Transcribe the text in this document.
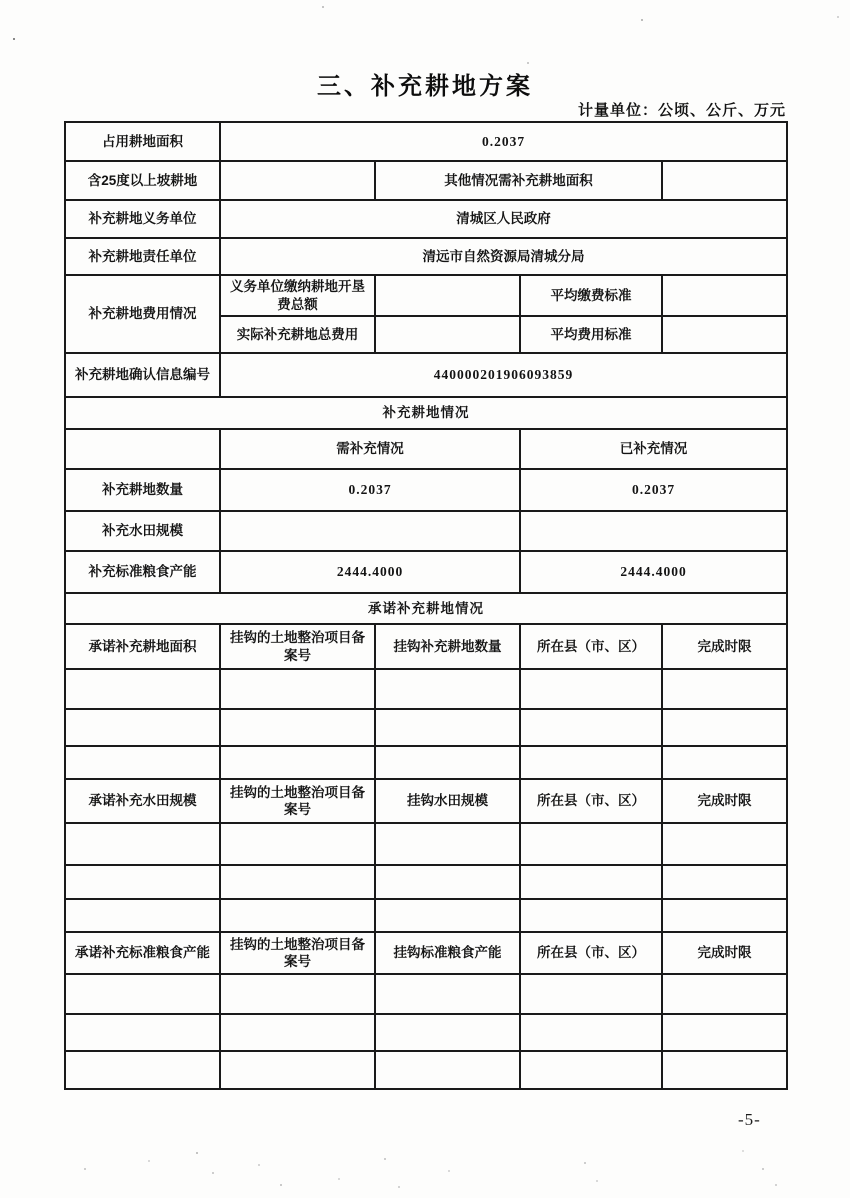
三、补充耕地方案
计量单位：公顷、公斤、万元
占用耕地面积	0.2037			
含25度以上坡耕地		其他情况需补充耕地面积		
补充耕地义务单位	清城区人民政府			
补充耕地责任单位	清远市自然资源局清城分局			
补充耕地费用情况	义务单位缴纳耕地开垦费总额		平均缴费标准	
	实际补充耕地总费用		平均费用标准	
补充耕地确认信息编号	440000201906093859			
补充耕地情况				
	需补充情况		已补充情况	
补充耕地数量	0.2037		0.2037	
补充水田规模				
补充标准粮食产能	2444.4000		2444.4000	
承诺补充耕地情况				
承诺补充耕地面积	挂钩的土地整治项目备案号	挂钩补充耕地数量	所在县（市、区）	完成时限

承诺补充水田规模	挂钩的土地整治项目备案号	挂钩水田规模	所在县（市、区）	完成时限

承诺补充标准粮食产能	挂钩的土地整治项目备案号	挂钩标准粮食产能	所在县（市、区）	完成时限

-5-
